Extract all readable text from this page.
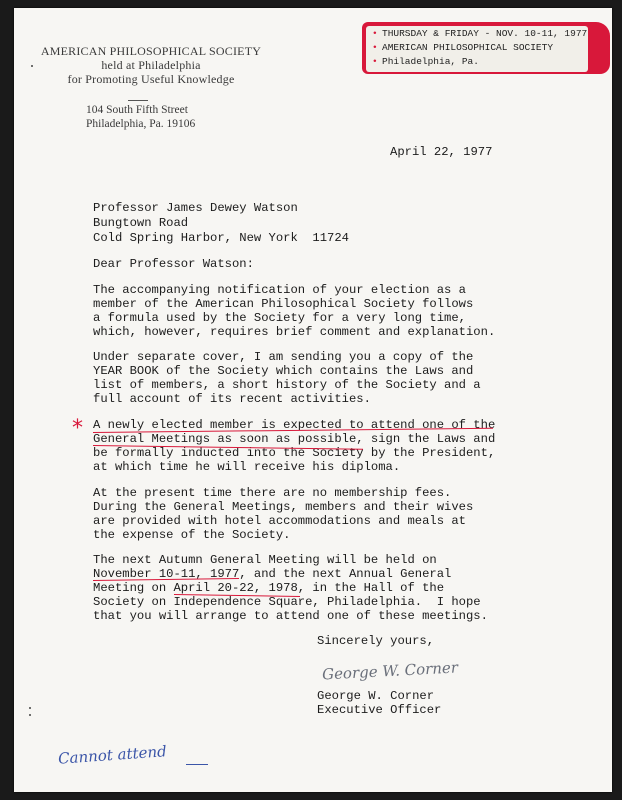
AMERICAN PHILOSOPHICAL SOCIETY
held at Philadelphia
for Promoting Useful Knowledge
104 South Fifth Street
Philadelphia, Pa. 19106
• THURSDAY & FRIDAY - NOV. 10-11, 1977
• AMERICAN PHILOSOPHICAL SOCIETY
• Philadelphia, Pa.
April 22, 1977
Professor James Dewey Watson
Bungtown Road
Cold Spring Harbor, New York  11724
Dear Professor Watson:
The accompanying notification of your election as a
member of the American Philosophical Society follows
a formula used by the Society for a very long time,
which, however, requires brief comment and explanation.
Under separate cover, I am sending you a copy of the
YEAR BOOK of the Society which contains the Laws and
list of members, a short history of the Society and a
full account of its recent activities.
* A newly elected member is expected to attend one of the
General Meetings as soon as possible, sign the Laws and
be formally inducted into the Society by the President,
at which time he will receive his diploma.
At the present time there are no membership fees.
During the General Meetings, members and their wives
are provided with hotel accommodations and meals at
the expense of the Society.
The next Autumn General Meeting will be held on
November 10-11, 1977, and the next Annual General
Meeting on April 20-22, 1978, in the Hall of the
Society on Independence Square, Philadelphia.  I hope
that you will arrange to attend one of these meetings.
Sincerely yours,
George W. Corner
George W. Corner
Executive Officer
Cannot attend
